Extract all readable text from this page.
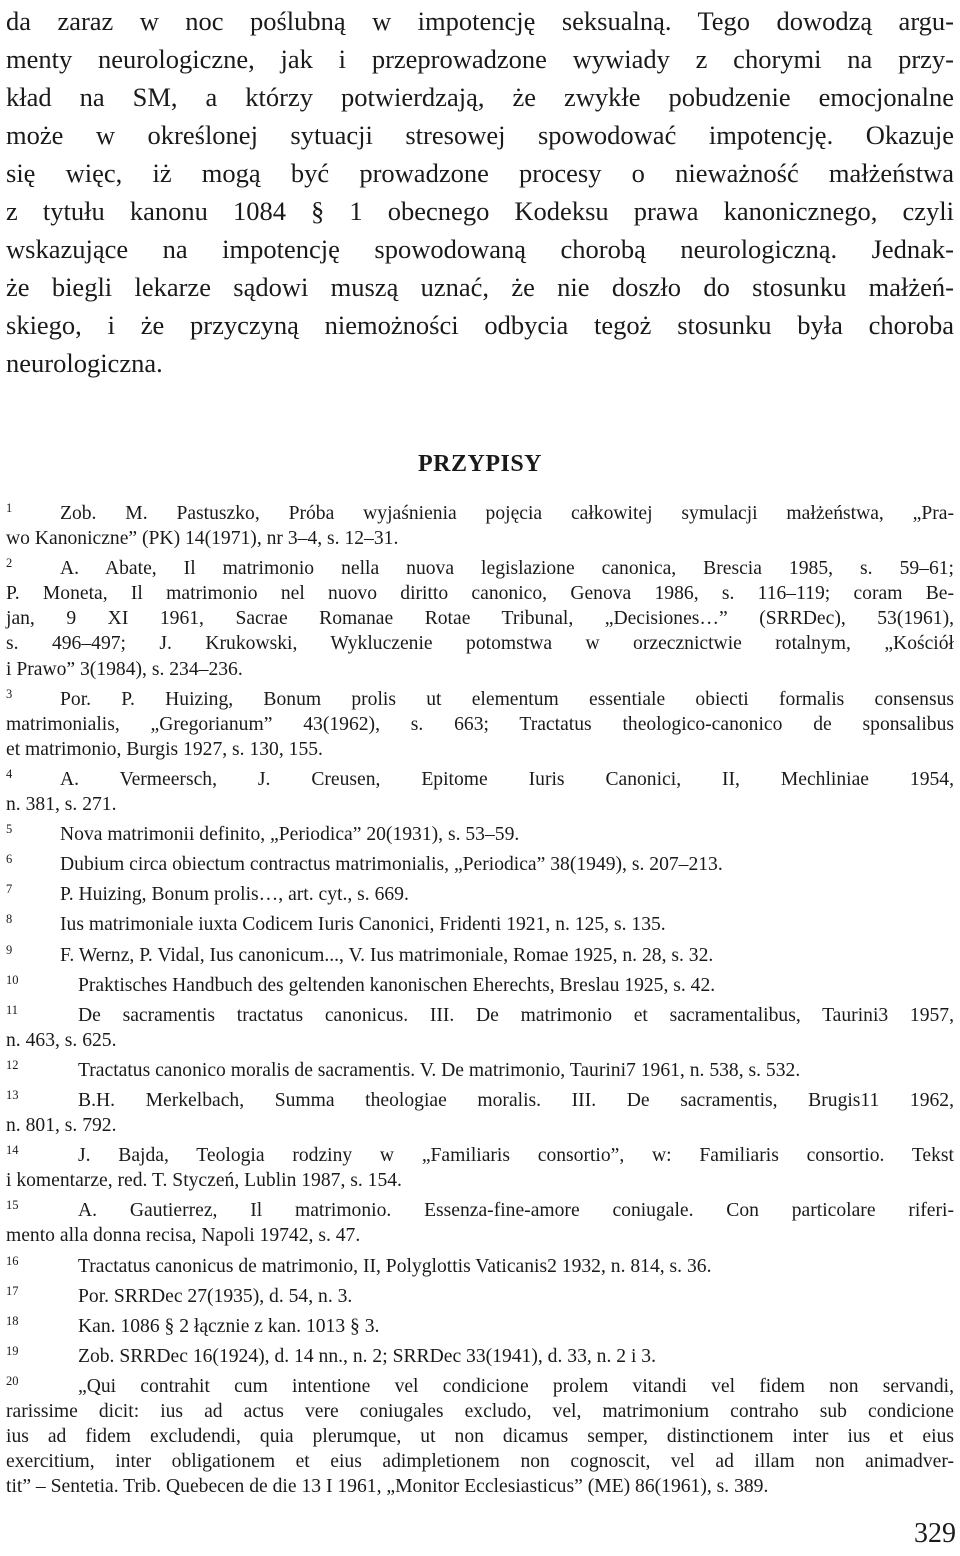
da zaraz w noc poślubną w impotencję seksualną. Tego dowodzą argu-
menty neurologiczne, jak i przeprowadzone wywiady z chorymi na przy-
kład na SM, a którzy potwierdzają, że zwykłe pobudzenie emocjonalne
może w określonej sytuacji stresowej spowodować impotencję. Okazuje
się więc, iż mogą być prowadzone procesy o nieważność małżeństwa
z tytułu kanonu 1084 § 1 obecnego Kodeksu prawa kanonicznego, czyli
wskazujące na impotencję spowodowaną chorobą neurologiczną. Jednak-
że biegli lekarze sądowi muszą uznać, że nie doszło do stosunku małżeń-
skiego, i że przyczyną niemożności odbycia tegoż stosunku była choroba
neurologiczna.
PRZYPISY
1 Zob. M. Pastuszko, Próba wyjaśnienia pojęcia całkowitej symulacji małżeństwa, „Pra-
wo Kanoniczne” (PK) 14(1971), nr 3–4, s. 12–31.
2 A. Abate, Il matrimonio nella nuova legislazione canonica, Brescia 1985, s. 59–61;
P. Moneta, Il matrimonio nel nuovo diritto canonico, Genova 1986, s. 116–119; coram Be-
jan, 9 XI 1961, Sacrae Romanae Rotae Tribunal, „Decisiones…” (SRRDec), 53(1961),
s. 496–497; J. Krukowski, Wykluczenie potomstwa w orzecznictwie rotalnym, „Kościół
i Prawo” 3(1984), s. 234–236.
3 Por. P. Huizing, Bonum prolis ut elementum essentiale obiecti formalis consensus
matrimonialis, „Gregorianum” 43(1962), s. 663; Tractatus theologico-canonico de sponsalibus
et matrimonio, Burgis 1927, s. 130, 155.
4 A. Vermeersch, J. Creusen, Epitome Iuris Canonici, II, Mechliniae 1954,
n. 381, s. 271.
5 Nova matrimonii definito, „Periodica” 20(1931), s. 53–59.
6 Dubium circa obiectum contractus matrimonialis, „Periodica” 38(1949), s. 207–213.
7 P. Huizing, Bonum prolis…, art. cyt., s. 669.
8 Ius matrimoniale iuxta Codicem Iuris Canonici, Fridenti 1921, n. 125, s. 135.
9 F. Wernz, P. Vidal, Ius canonicum..., V. Ius matrimoniale, Romae 1925, n. 28, s. 32.
10	Praktisches Handbuch des geltenden kanonischen Eherechts, Breslau 1925, s. 42.
11	De sacramentis tractatus canonicus. III. De matrimonio et sacramentalibus, Taurini3 1957,
n. 463, s. 625.
12	Tractatus canonico moralis de sacramentis. V. De matrimonio, Taurini7 1961, n. 538, s. 532.
13	B.H. Merkelbach, Summa theologiae moralis. III. De sacramentis, Brugis11 1962,
n. 801, s. 792.
14	J. Bajda, Teologia rodziny w „Familiaris consortio”, w: Familiaris consortio. Tekst
i komentarze, red. T. Styczeń, Lublin 1987, s. 154.
15	A. Gautierrez, Il matrimonio. Essenza-fine-amore coniugale. Con particolare riferi-
mento alla donna recisa, Napoli 19742, s. 47.
16	Tractatus canonicus de matrimonio, II, Polyglottis Vaticanis2 1932, n. 814, s. 36.
17	Por. SRRDec 27(1935), d. 54, n. 3.
18	Kan. 1086 § 2 łącznie z kan. 1013 § 3.
19	Zob. SRRDec 16(1924), d. 14 nn., n. 2; SRRDec 33(1941), d. 33, n. 2 i 3.
20	„Qui contrahit cum intentione vel condicione prolem vitandi vel fidem non servandi,
rarissime dicit: ius ad actus vere coniugales excludo, vel, matrimonium contraho sub condicione
ius ad fidem excludendi, quia plerumque, ut non dicamus semper, distinctionem inter ius et eius
exercitium, inter obligationem et eius adimpletionem non cognoscit, vel ad illam non animadver-
tit” – Sentetia. Trib. Quebecen de die 13 I 1961, „Monitor Ecclesiasticus” (ME) 86(1961), s. 389.
329
